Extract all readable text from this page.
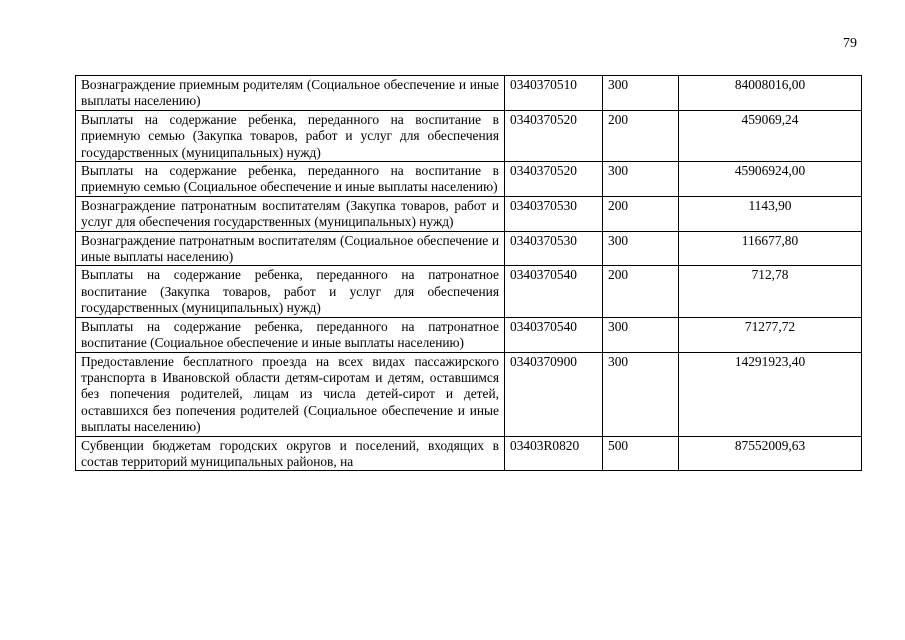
79
Вознаграждение приемным родителям (Социальное обеспечение и иные выплаты населению)	0340370510	300	84008016,00
Выплаты на содержание ребенка, переданного на воспитание в приемную семью (Закупка товаров, работ и услуг для обеспечения государственных (муниципальных) нужд)	0340370520	200	459069,24
Выплаты на содержание ребенка, переданного на воспитание в приемную семью (Социальное обеспечение и иные выплаты населению)	0340370520	300	45906924,00
Вознаграждение патронатным воспитателям (Закупка товаров, работ и услуг для обеспечения государственных (муниципальных) нужд)	0340370530	200	1143,90
Вознаграждение патронатным воспитателям (Социальное обеспечение и иные выплаты населению)	0340370530	300	116677,80
Выплаты на содержание ребенка, переданного на патронатное воспитание (Закупка товаров, работ и услуг для обеспечения государственных (муниципальных) нужд)	0340370540	200	712,78
Выплаты на содержание ребенка, переданного на патронатное воспитание (Социальное обеспечение и иные выплаты населению)	0340370540	300	71277,72
Предоставление бесплатного проезда на всех видах пассажирского транспорта в Ивановской области детям-сиротам и детям, оставшимся без попечения родителей, лицам из числа детей-сирот и детей, оставшихся без попечения родителей (Социальное обеспечение и иные выплаты населению)	0340370900	300	14291923,40
Субвенции бюджетам городских округов и поселений, входящих в состав территорий муниципальных районов, на	03403R0820	500	87552009,63
